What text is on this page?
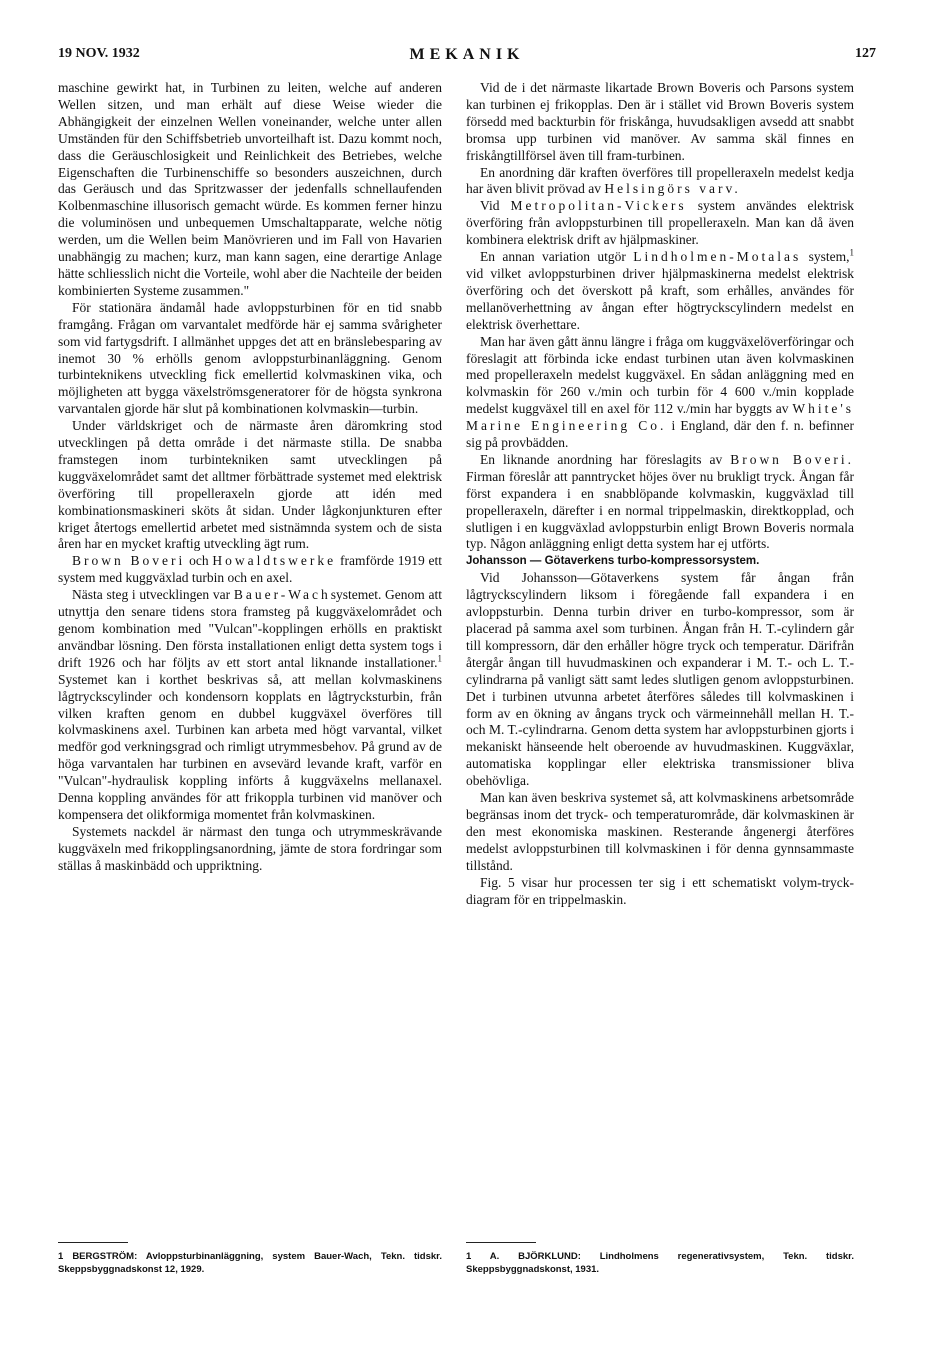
19 NOV. 1932	MEKANIK	127

maschine gewirkt hat, in Turbinen zu leiten, welche auf anderen Wellen sitzen, und man erhält auf diese Weise wieder die Abhängigkeit der einzelnen Wellen voneinander, welche unter allen Umständen für den Schiffsbetrieb unvorteilhaft ist. Dazu kommt noch, dass die Geräuschlosigkeit und Reinlichkeit des Betriebes, welche Eigenschaften die Turbinenschiffe so besonders auszeichnen, durch das Geräusch und das Spritzwasser der jedenfalls schnellaufenden Kolbenmaschine illusorisch gemacht würde. Es kommen ferner hinzu die voluminösen und unbequemen Umschaltapparate, welche nötig werden, um die Wellen beim Manövrieren und im Fall von Havarien unabhängig zu machen; kurz, man kann sagen, eine derartige Anlage hätte schliesslich nicht die Vorteile, wohl aber die Nachteile der beiden kombinierten Systeme zusammen."

För stationära ändamål hade avloppsturbinen för en tid snabb framgång. Frågan om varvantalet medförde här ej samma svårigheter som vid fartygsdrift. I allmänhet uppges det att en bränslebesparing av inemot 30 % erhölls genom avloppsturbinanläggning. Genom turbinteknikens utveckling fick emellertid kolvmaskinen vika, och möjligheten att bygga växelströmsgeneratorer för de högsta synkrona varvantalen gjorde här slut på kombinationen kolvmaskin—turbin.

Under världskriget och de närmaste åren däromkring stod utvecklingen på detta område i det närmaste stilla. De snabba framstegen inom turbintekniken samt utvecklingen på kuggväxelområdet samt det alltmer förbättrade systemet med elektrisk överföring till propelleraxeln gjorde att idén med kombinationsmaskineri sköts åt sidan. Under lågkonjunkturen efter kriget återtogs emellertid arbetet med sistnämnda system och de sista åren har en mycket kraftig utveckling ägt rum.

Brown Boveri och Howaldtswerke framförde 1919 ett system med kuggväxlad turbin och en axel.

Nästa steg i utvecklingen var Bauer-Wachsystemet. Genom att utnyttja den senare tidens stora framsteg på kuggväxelområdet och genom kombination med "Vulcan"-kopplingen erhölls en praktiskt användbar lösning. Den första installationen enligt detta system togs i drift 1926 och har följts av ett stort antal liknande installationer.$^1$ Systemet kan i korthet beskrivas så, att mellan kolvmaskinens lågtryckscylinder och kondensorn kopplats en lågtrycksturbin, från vilken kraften genom en dubbel kuggväxel överföres till kolvmaskinens axel. Turbinen kan arbeta med högt varvantal, vilket medför god verkningsgrad och rimligt utrymmesbehov. På grund av de höga varvantalen har turbinen en avsevärd levande kraft, varför en "Vulcan"-hydraulisk koppling införts å kuggväxelns mellanaxel. Denna koppling användes för att frikoppla turbinen vid manöver och kompensera det olikformiga momentet från kolvmaskinen.

Systemets nackdel är närmast den tunga och utrymmeskrävande kuggväxeln med frikopplingsanordning, jämte de stora fordringar som ställas å maskinbädd och uppriktning.

1 BERGSTRÖM: Avloppsturbinanläggning, system Bauer-Wach, Tekn. tidskr. Skeppsbyggnadskonst 12, 1929.

Vid de i det närmaste likartade Brown Boveris och Parsons system kan turbinen ej frikopplas. Den är i stället vid Brown Boveris system försedd med backturbin för friskånga, huvudsakligen avsedd att snabbt bromsa upp turbinen vid manöver. Av samma skäl finnes en friskångtillförsel även till fram-turbinen.

En anordning där kraften överföres till propelleraxeln medelst kedja har även blivit prövad av Helsingörs varv.

Vid Metropolitan-Vickers system användes elektrisk överföring från avloppsturbinen till propelleraxeln. Man kan då även kombinera elektrisk drift av hjälpmaskiner.

En annan variation utgör Lindholmen-Motalas system,$^1$ vid vilket avloppsturbinen driver hjälpmaskinerna medelst elektrisk överföring och det överskott på kraft, som erhålles, användes för mellanöverhettning av ångan efter högtryckscylindern medelst en elektrisk överhettare.

Man har även gått ännu längre i fråga om kuggväxelöverföringar och föreslagit att förbinda icke endast turbinen utan även kolvmaskinen med propelleraxeln medelst kuggväxel. En sådan anläggning med en kolvmaskin för 260 v./min och turbin för 4 600 v./min kopplade medelst kuggväxel till en axel för 112 v./min har byggts av White's Marine Engineering Co. i England, där den f. n. befinner sig på provbädden.

En liknande anordning har föreslagits av Brown Boveri. Firman föreslår att panntrycket höjes över nu brukligt tryck. Ångan får först expandera i en snabblöpande kolvmaskin, kuggväxlad till propelleraxeln, därefter i en normal trippelmaskin, direktkopplad, och slutligen i en kuggväxlad avloppsturbin enligt Brown Boveris normala typ. Någon anläggning enligt detta system har ej utförts.

Johansson — Götaverkens turbo-kompressorsystem.

Vid Johansson—Götaverkens system får ångan från lågtryckscylindern liksom i föregående fall expandera i en avloppsturbin. Denna turbin driver en turbo-kompressor, som är placerad på samma axel som turbinen. Ångan från H. T.-cylindern går till kompressorn, där den erhåller högre tryck och temperatur. Därifrån återgår ångan till huvudmaskinen och expanderar i M. T.- och L. T.-cylindrarna på vanligt sätt samt ledes slutligen genom avloppsturbinen. Det i turbinen utvunna arbetet återföres således till kolvmaskinen i form av en ökning av ångans tryck och värmeinnehåll mellan H. T.- och M. T.-cylindrarna. Genom detta system har avloppsturbinen gjorts i mekaniskt hänseende helt oberoende av huvudmaskinen. Kuggväxlar, automatiska kopplingar eller elektriska transmissioner bliva obehövliga.

Man kan även beskriva systemet så, att kolvmaskinens arbetsområde begränsas inom det tryck- och temperaturområde, där kolvmaskinen är den mest ekonomiska maskinen. Resterande ångenergi återföres medelst avloppsturbinen till kolvmaskinen i för denna gynnsammaste tillstånd.

Fig. 5 visar hur processen ter sig i ett schematiskt volym-tryck-diagram för en trippelmaskin.

1 A. BJÖRKLUND: Lindholmens regenerativsystem, Tekn. tidskr. Skeppsbyggnadskonst, 1931.
